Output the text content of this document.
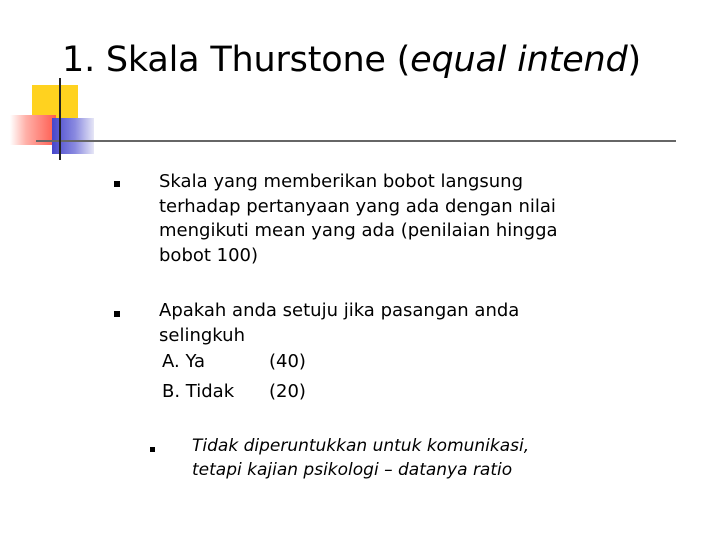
1. Skala Thurstone (equal intend)
Skala yang memberikan bobot langsung
terhadap pertanyaan yang ada dengan nilai
mengikuti mean yang ada (penilaian hingga
bobot 100)
Apakah anda setuju jika pasangan anda
selingkuh
A. Ya	(40)
B. Tidak (20)
Tidak diperuntukkan untuk komunikasi,
tetapi kajian psikologi – datanya ratio
